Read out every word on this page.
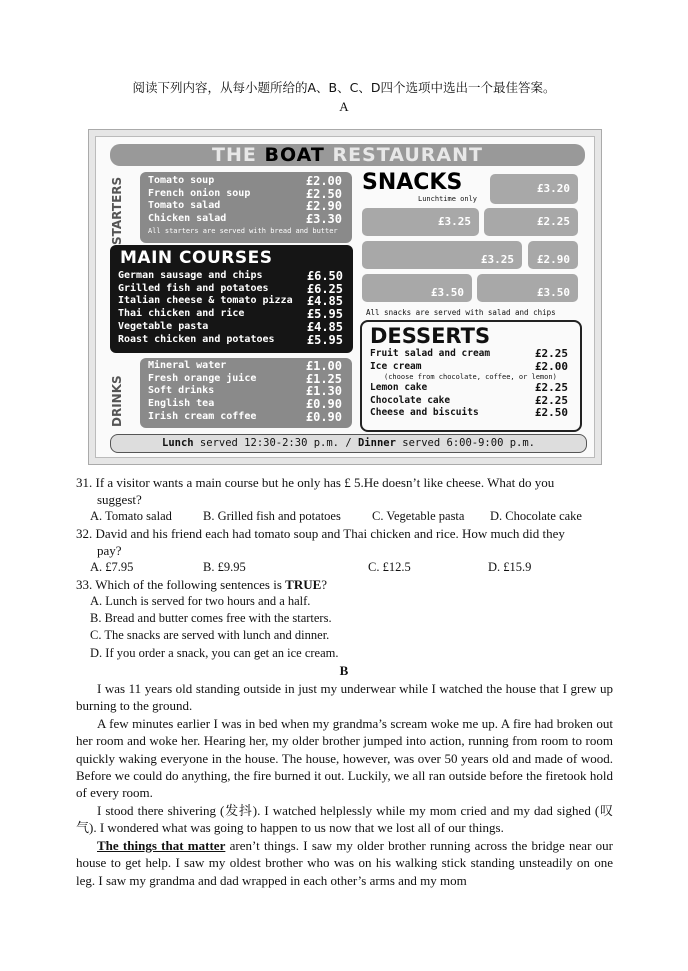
阅读下列内容，从每小题所给的A、B、C、D四个选项中选出一个最佳答案。
A
THE BOAT RESTAURANT
STARTERS Tomato soup	£2.00
French onion soup	£2.50
Tomato salad	£2.90
Chicken salad	£3.30
All starters are served with bread and butter
MAIN COURSES
German sausage and chips	£6.50
Grilled fish and potatoes	£6.25
Italian cheese & tomato pizza £4.85
Thai chicken and rice	£5.95
Vegetable pasta	£4.85
Roast chicken and potatoes	£5.95
DRINKS
Mineral water	£1.00
Fresh orange juice	£1.25
Soft drinks	£1.30
English tea	£0.90
Irish cream coffee	£0.90
SNACKS
Lunchtime only
£3.20
£3.25	£2.25
£3.25	£2.90
£3.50	£3.50
All snacks are served with salad and chips
DESSERTS
Fruit salad and cream	£2.25
Ice cream	£2.00
(choose from chocolate, coffee, or lemon)
Lemon cake	£2.25
Chocolate cake	£2.25
Cheese and biscuits	£2.50
Lunch served 12:30-2:30 p.m. / Dinner served 6:00-9:00 p.m.
31. If a visitor wants a main course but he only has £ 5.He doesn’t like cheese. What do you
suggest?
A. Tomato salad B. Grilled fish and potatoes C. Vegetable pasta D. Chocolate cake
32. David and his friend each had tomato soup and Thai chicken and rice. How much did they
pay?
A. £7.95	B. £9.95	C. £12.5	D. £15.9
33. Which of the following sentences is TRUE?
A. Lunch is served for two hours and a half.
B. Bread and butter comes free with the starters.
C. The snacks are served with lunch and dinner.
D. If you order a snack, you can get an ice cream.
B
I was 11 years old standing outside in just my underwear while I watched the house that I grew up burning to the ground.
A few minutes earlier I was in bed when my grandma’s scream woke me up. A fire had broken out her room and woke her. Hearing her, my older brother jumped into action, running from room to room quickly waking everyone in the house. The house, however, was over 50 years old and made of wood. Before we could do anything, the fire burned it out. Luckily, we all ran outside before the firetook hold of every room.
I stood there shivering (发抖). I watched helplessly while my mom cried and my dad sighed (叹气). I wondered what was going to happen to us now that we lost all of our things.
The things that matter aren’t things. I saw my older brother running across the bridge near our house to get help. I saw my oldest brother who was on his walking stick standing unsteadily on one leg. I saw my grandma and dad wrapped in each other’s arms and my mom
